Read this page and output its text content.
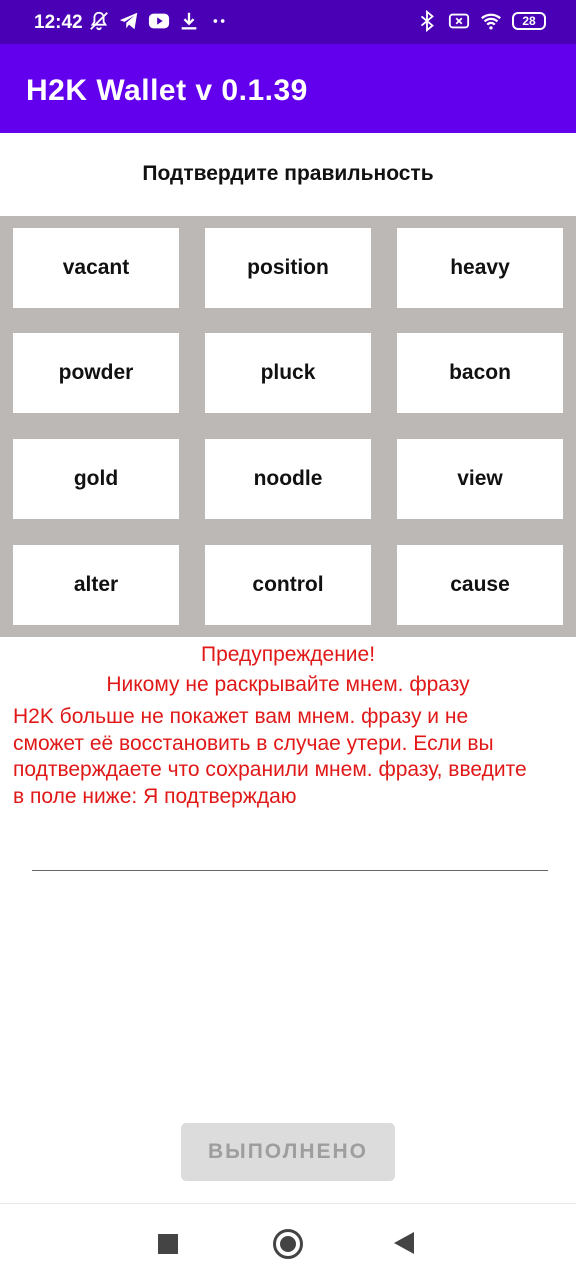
12:42	28
H2K Wallet v 0.1.39
Подтвердите правильность
vacant	position	heavy
powder	pluck	bacon
gold	noodle	view
alter	control	cause
Предупреждение!
Никому не раскрывайте мнем. фразу
H2K больше не покажет вам мнем. фразу и не сможет её восстановить в случае утери. Если вы подтверждаете что сохранили мнем. фразу, введите в поле ниже: Я подтверждаю
ВЫПОЛНЕНО
